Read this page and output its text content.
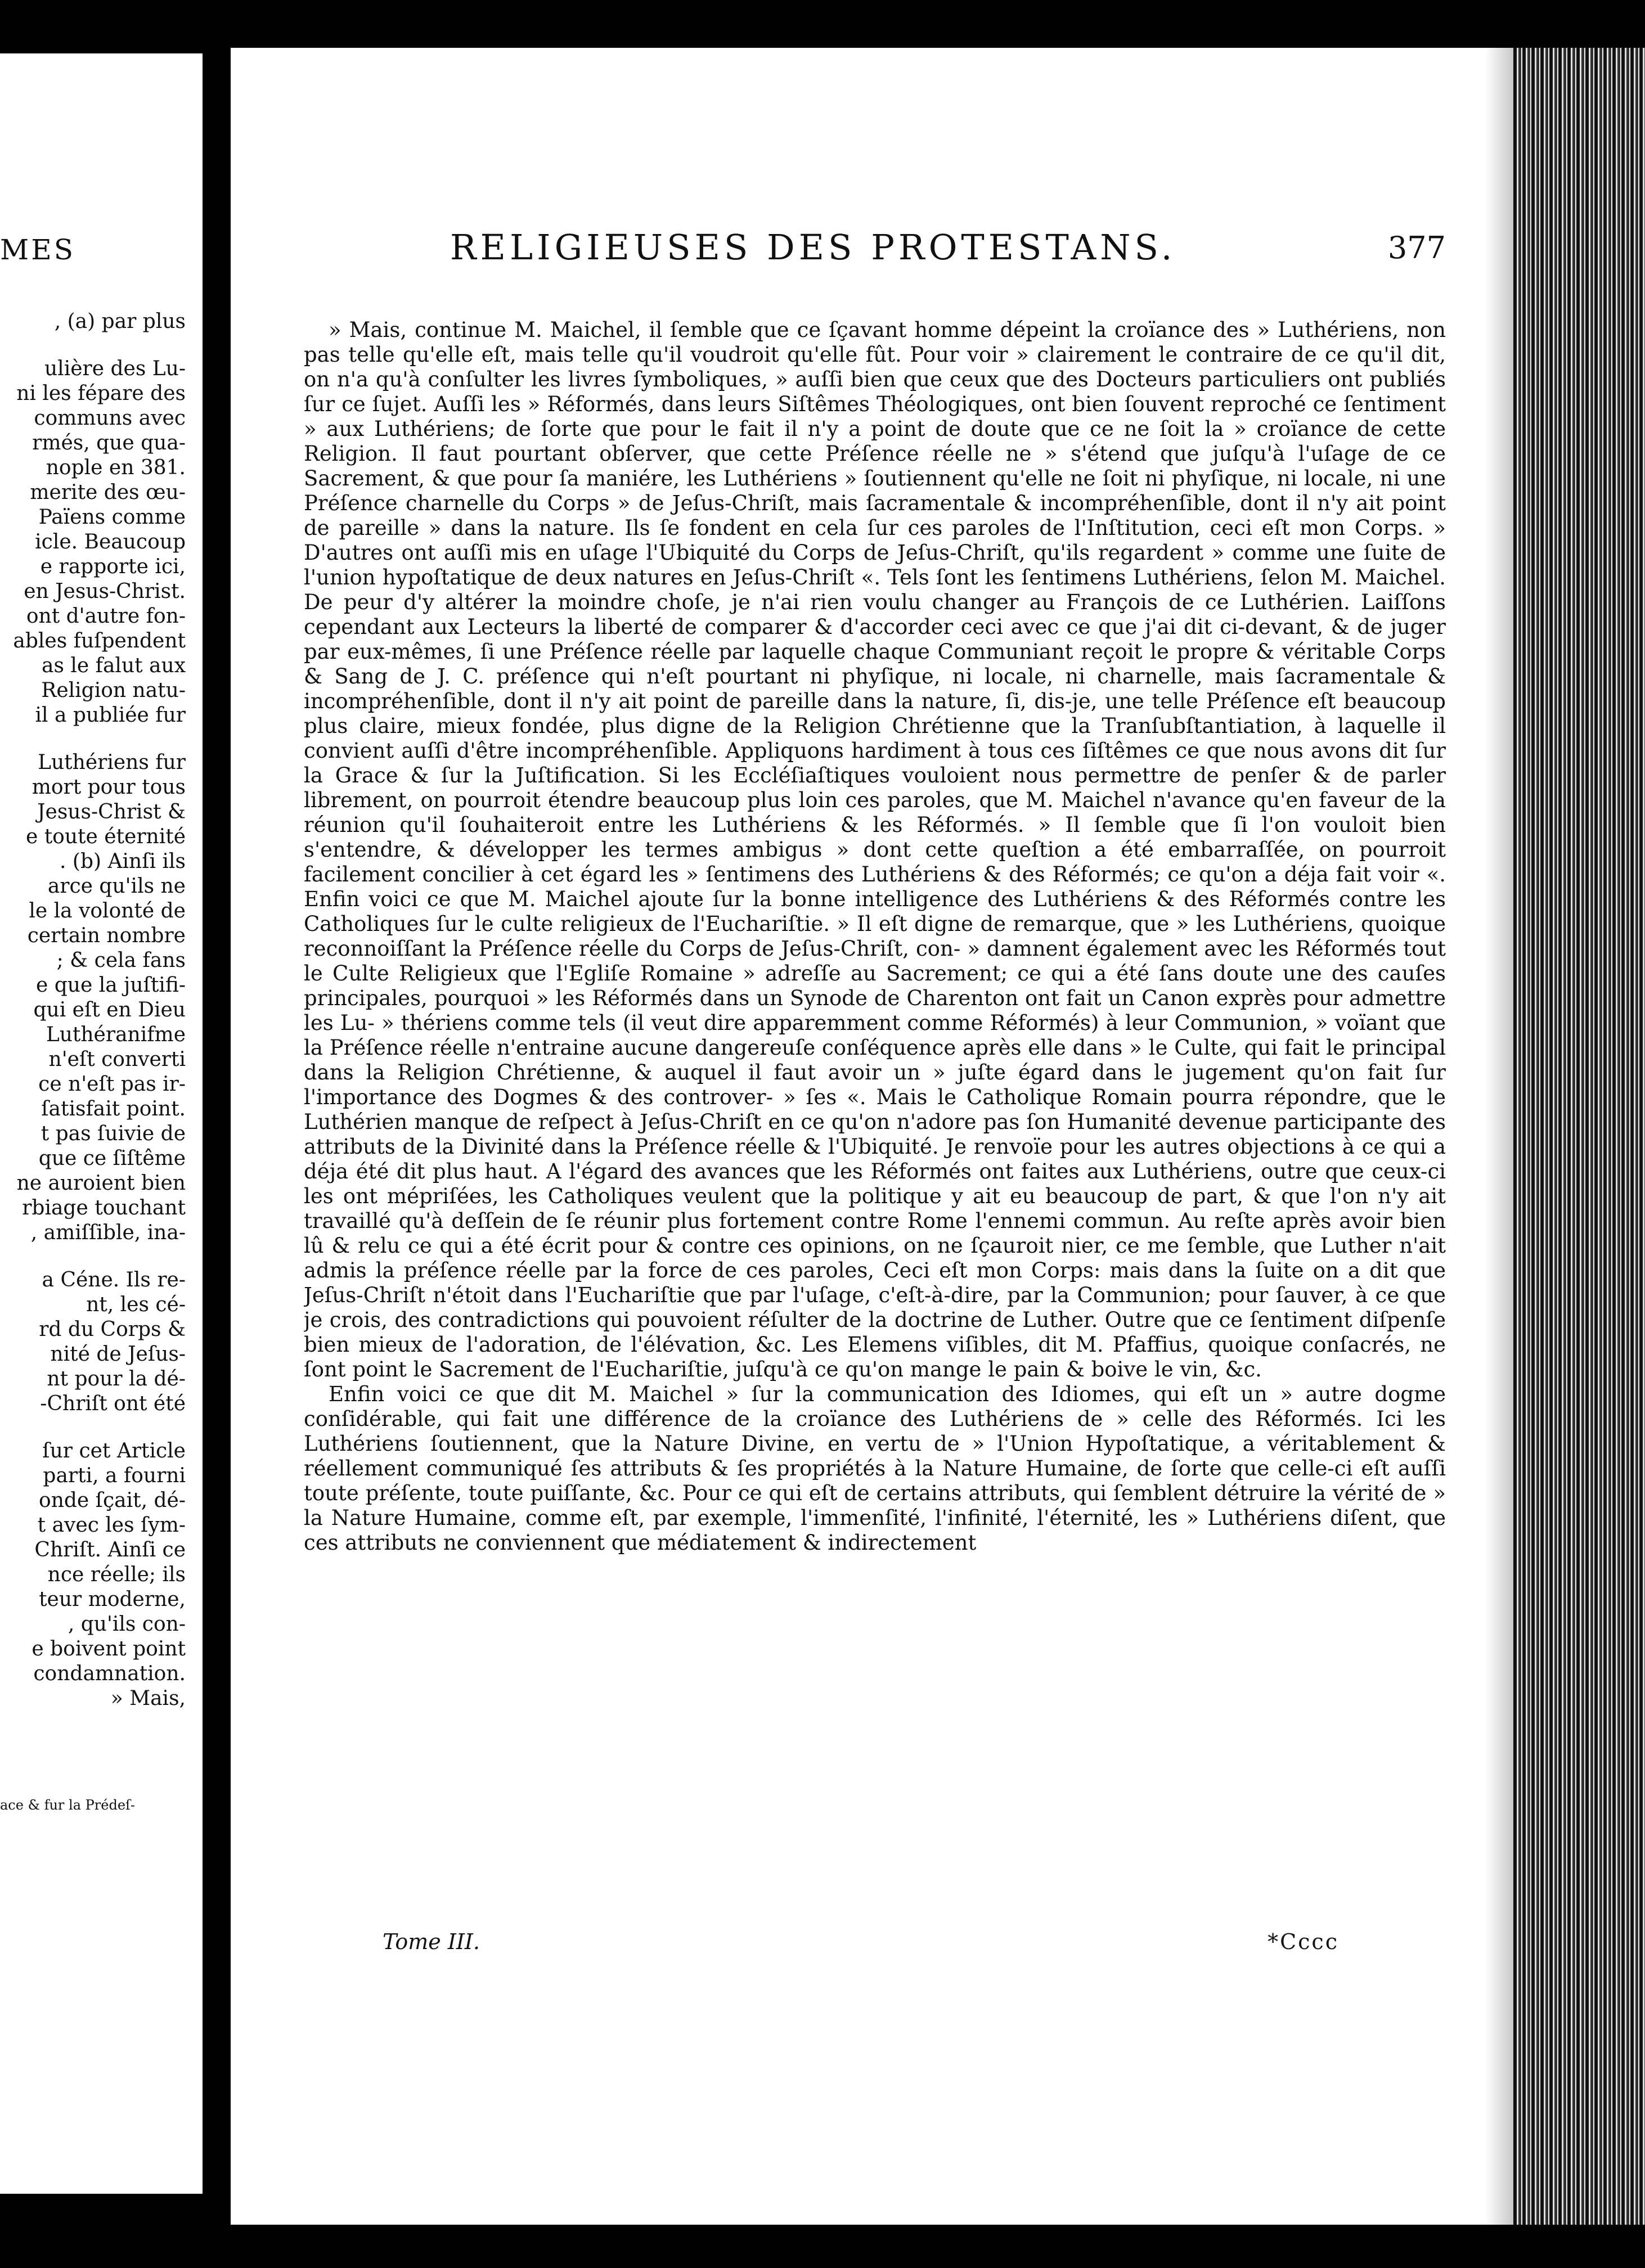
MES
, (a) par plus
ulière des Lu-
ni les fépare des
communs avec
rmés, que qua-
nople en 381.
merite des œu-
Païens comme
icle. Beaucoup
e rapporte ici,
en Jesus-Christ.
ont d'autre fon-
ables fuſpendent
as le falut aux
Religion natu-
il a publiée fur
Luthériens fur
mort pour tous
Jesus-Christ &
e toute éternité
. (b) Ainſi ils
arce qu'ils ne
le la volonté de
certain nombre
; & cela fans
e que la juſtifi-
qui eſt en Dieu
Luthéranifme
n'eſt converti
ce n'eſt pas ir-
ſatisfait point.
t pas ſuivie de
que ce ſiſtême
ne auroient bien
rbiage touchant
, amiſſible, ina-
a Céne. Ils re-
nt, les cé-
rd du Corps &
nité de Jeſus-
nt pour la dé-
-Chriſt ont été
ſur cet Article
parti, a fourni
onde ſçait, dé-
t avec les ſym-
Chriſt. Ainſi ce
nce réelle; ils
teur moderne,
, qu'ils con-
e boivent point
condamnation.
» Mais,
ace & fur la Prédeſ-
RELIGIEUSES DES PROTESTANS.	377

» Mais, continue M. Maichel, il ſemble que ce ſçavant homme dépeint la croïance des » Luthériens, non pas telle qu'elle eſt, mais telle qu'il voudroit qu'elle fût. Pour voir » clairement le contraire de ce qu'il dit, on n'a qu'à conſulter les livres ſymboliques, » auſſi bien que ceux que des Docteurs particuliers ont publiés ſur ce ſujet. Auſſi les » Réformés, dans leurs Siſtêmes Théologiques, ont bien ſouvent reproché ce ſentiment » aux Luthériens; de ſorte que pour le fait il n'y a point de doute que ce ne ſoit la » croïance de cette Religion. Il faut pourtant obſerver, que cette Préſence réelle ne » s'étend que juſqu'à l'uſage de ce Sacrement, & que pour ſa maniére, les Luthériens » ſoutiennent qu'elle ne ſoit ni phyſique, ni locale, ni une Préſence charnelle du Corps » de Jeſus-Chriſt, mais ſacramentale & incompréhenſible, dont il n'y ait point de pareille » dans la nature. Ils ſe fondent en cela ſur ces paroles de l'Inſtitution, ceci eſt mon Corps. » D'autres ont auſſi mis en uſage l'Ubiquité du Corps de Jeſus-Chriſt, qu'ils regardent » comme une ſuite de l'union hypoſtatique de deux natures en Jeſus-Chriſt «. Tels ſont les ſentimens Luthériens, ſelon M. Maichel. De peur d'y altérer la moindre choſe, je n'ai rien voulu changer au François de ce Luthérien. Laiſſons cependant aux Lecteurs la liberté de comparer & d'accorder ceci avec ce que j'ai dit ci-devant, & de juger par eux-mêmes, ſi une Préſence réelle par laquelle chaque Communiant reçoit le propre & véritable Corps & Sang de J. C. préſence qui n'eſt pourtant ni phyſique, ni locale, ni charnelle, mais ſacramentale & incompréhenſible, dont il n'y ait point de pareille dans la nature, ſi, dis-je, une telle Préſence eſt beaucoup plus claire, mieux fondée, plus digne de la Religion Chrétienne que la Tranſubſtantiation, à laquelle il convient auſſi d'être incompréhenſible. Appliquons hardiment à tous ces ſiſtêmes ce que nous avons dit ſur la Grace & ſur la Juſtification. Si les Eccléſiaſtiques vouloient nous permettre de penſer & de parler librement, on pourroit étendre beaucoup plus loin ces paroles, que M. Maichel n'avance qu'en faveur de la réunion qu'il ſouhaiteroit entre les Luthériens & les Réformés. » Il ſemble que ſi l'on vouloit bien s'entendre, & développer les termes ambigus » dont cette queſtion a été embarraſſée, on pourroit facilement concilier à cet égard les » ſentimens des Luthériens & des Réformés; ce qu'on a déja fait voir «. Enfin voici ce que M. Maichel ajoute ſur la bonne intelligence des Luthériens & des Réformés contre les Catholiques ſur le culte religieux de l'Euchariſtie. » Il eſt digne de remarque, que » les Luthériens, quoique reconnoiſſant la Préſence réelle du Corps de Jeſus-Chriſt, con- » damnent également avec les Réformés tout le Culte Religieux que l'Egliſe Romaine » adreſſe au Sacrement; ce qui a été ſans doute une des cauſes principales, pourquoi » les Réformés dans un Synode de Charenton ont fait un Canon exprès pour admettre les Lu- » thériens comme tels (il veut dire apparemment comme Réformés) à leur Communion, » voïant que la Préſence réelle n'entraine aucune dangereuſe conſéquence après elle dans » le Culte, qui fait le principal dans la Religion Chrétienne, & auquel il faut avoir un » juſte égard dans le jugement qu'on fait ſur l'importance des Dogmes & des controver- » ſes «. Mais le Catholique Romain pourra répondre, que le Luthérien manque de reſpect à Jeſus-Chriſt en ce qu'on n'adore pas ſon Humanité devenue participante des attributs de la Divinité dans la Préſence réelle & l'Ubiquité. Je renvoïe pour les autres objections à ce qui a déja été dit plus haut. A l'égard des avances que les Réformés ont faites aux Luthériens, outre que ceux-ci les ont mépriſées, les Catholiques veulent que la politique y ait eu beaucoup de part, & que l'on n'y ait travaillé qu'à deſſein de ſe réunir plus fortement contre Rome l'ennemi commun. Au reſte après avoir bien lû & relu ce qui a été écrit pour & contre ces opinions, on ne ſçauroit nier, ce me ſemble, que Luther n'ait admis la préſence réelle par la force de ces paroles, Ceci eſt mon Corps: mais dans la ſuite on a dit que Jeſus-Chriſt n'étoit dans l'Euchariſtie que par l'uſage, c'eſt-à-dire, par la Communion; pour ſauver, à ce que je crois, des contradictions qui pouvoient réſulter de la doctrine de Luther. Outre que ce ſentiment diſpenſe bien mieux de l'adoration, de l'élévation, &c. Les Elemens viſibles, dit M. Pfaffius, quoique conſacrés, ne ſont point le Sacrement de l'Euchariſtie, juſqu'à ce qu'on mange le pain & boive le vin, &c.

Enfin voici ce que dit M. Maichel » ſur la communication des Idiomes, qui eſt un » autre dogme conſidérable, qui fait une différence de la croïance des Luthériens de » celle des Réformés. Ici les Luthériens ſoutiennent, que la Nature Divine, en vertu de » l'Union Hypoſtatique, a véritablement & réellement communiqué ſes attributs & ſes propriétés à la Nature Humaine, de ſorte que celle-ci eſt auſſi toute préſente, toute puiſſante, &c. Pour ce qui eſt de certains attributs, qui ſemblent détruire la vérité de » la Nature Humaine, comme eſt, par exemple, l'immenſité, l'infinité, l'éternité, les » Luthériens diſent, que ces attributs ne conviennent que médiatement & indirectement

Tome III.	*Cccc
